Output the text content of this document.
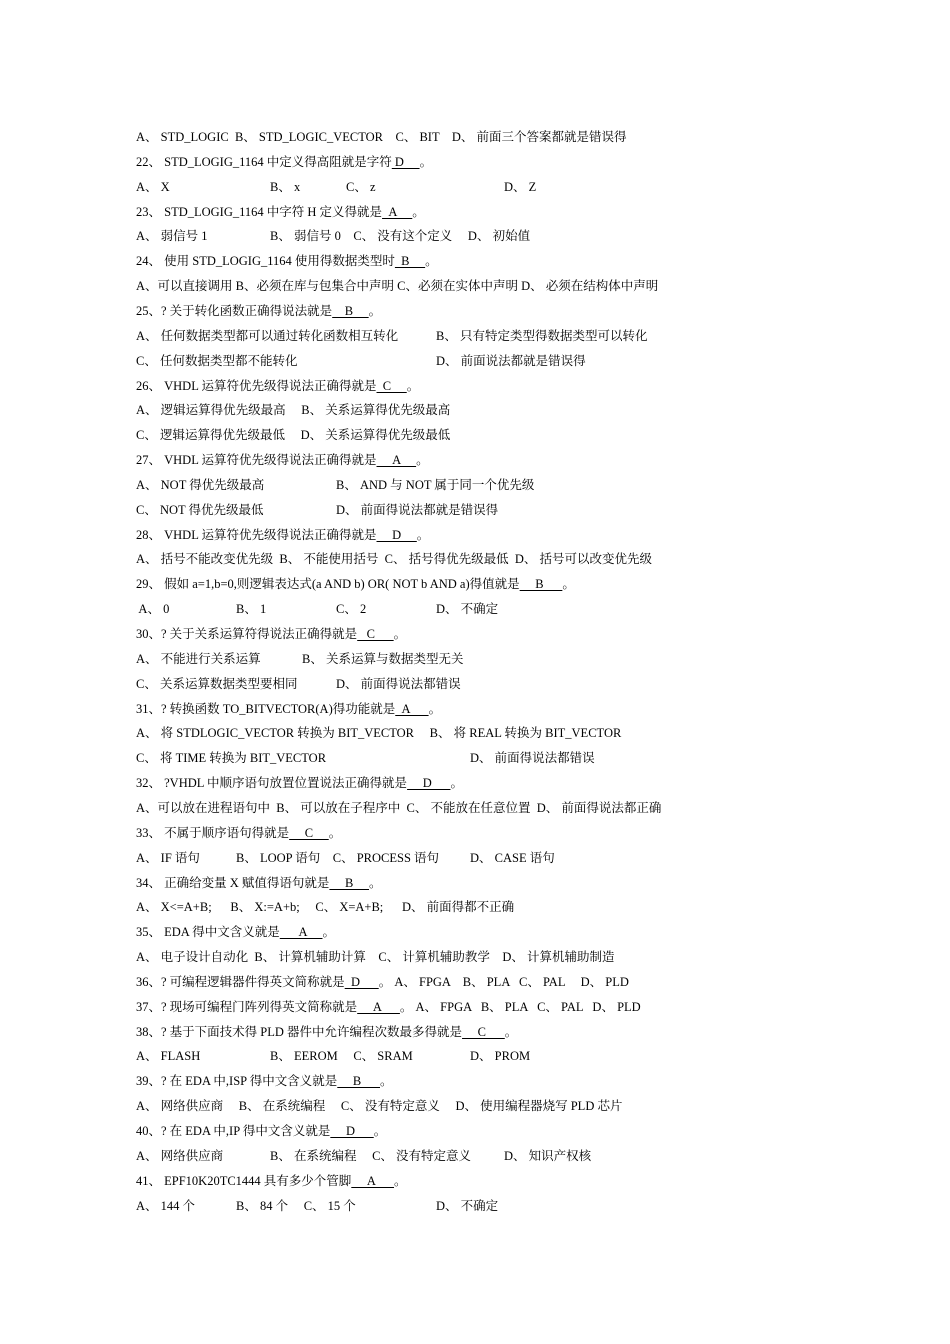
A、 STD_LOGIC  B、 STD_LOGIC_VECTOR    C、 BIT    D、 前面三个答案都就是错误得
22、 STD_LOGIG_1164 中定义得高阻就是字符 D     。
A、 X	B、 x	C、 z	D、 Z
23、 STD_LOGIG_1164 中字符 H 定义得就是  A     。
A、 弱信号 1	B、 弱信号 0    C、 没有这个定义     D、 初始值
24、 使用 STD_LOGIG_1164 使用得数据类型时  B     。
A、可以直接调用 B、必须在库与包集合中声明 C、必须在实体中声明 D、 必须在结构体中声明
25、? 关于转化函数正确得说法就是    B     。
A、 任何数据类型都可以通过转化函数相互转化	B、 只有特定类型得数据类型可以转化
C、 任何数据类型都不能转化	D、 前面说法都就是错误得
26、 VHDL 运算符优先级得说法正确得就是  C     。
A、 逻辑运算得优先级最高     B、 关系运算得优先级最高
C、 逻辑运算得优先级最低     D、 关系运算得优先级最低
27、 VHDL 运算符优先级得说法正确得就是     A     。
A、 NOT 得优先级最高	B、 AND 与 NOT 属于同一个优先级
C、 NOT 得优先级最低	D、 前面得说法都就是错误得
28、 VHDL 运算符优先级得说法正确得就是     D     。
A、 括号不能改变优先级  B、 不能使用括号  C、 括号得优先级最低  D、 括号可以改变优先级
29、 假如 a=1,b=0,则逻辑表达式(a AND b) OR( NOT b AND a)得值就是     B      。
A、 0	B、 1	C、 2	D、 不确定
30、? 关于关系运算符得说法正确得就是   C      。
A、 不能进行关系运算	B、 关系运算与数据类型无关
C、 关系运算数据类型要相同	D、 前面得说法都错误
31、? 转换函数 TO_BITVECTOR(A)得功能就是  A      。
A、 将 STDLOGIC_VECTOR 转换为 BIT_VECTOR     B、 将 REAL 转换为 BIT_VECTOR
C、 将 TIME 转换为 BIT_VECTOR	D、 前面得说法都错误
32、 ?VHDL 中顺序语句放置位置说法正确得就是     D      。
A、可以放在进程语句中  B、 可以放在子程序中  C、 不能放在任意位置  D、 前面得说法都正确
33、 不属于顺序语句得就是     C     。
A、 IF 语句	B、 LOOP 语句    C、 PROCESS 语句 D、 CASE 语句
34、 正确给变量 X 赋值得语句就是     B     。
A、 X<=A+B;      B、 X:=A+b;     C、 X=A+B;      D、 前面得都不正确
35、 EDA 得中文含义就是      A     。
A、 电子设计自动化  B、 计算机辅助计算    C、 计算机辅助教学    D、 计算机辅助制造
36、? 可编程逻辑器件得英文简称就是  D      。 A、 FPGA    B、 PLA   C、 PAL     D、 PLD
37、? 现场可编程门阵列得英文简称就是     A      。 A、 FPGA   B、 PLA   C、 PAL   D、 PLD
38、? 基于下面技术得 PLD 器件中允许编程次数最多得就是     C      。
A、 FLASH	B、 EEROM     C、 SRAM	D、 PROM
39、? 在 EDA 中,ISP 得中文含义就是     B      。
A、 网络供应商     B、 在系统编程     C、 没有特定意义     D、 使用编程器烧写 PLD 芯片
40、? 在 EDA 中,IP 得中文含义就是     D      。
A、 网络供应商	B、 在系统编程     C、 没有特定意义	D、 知识产权核
41、 EPF10K20TC1444 具有多少个管脚     A      。
A、 144 个	B、 84 个     C、 15 个	D、 不确定
